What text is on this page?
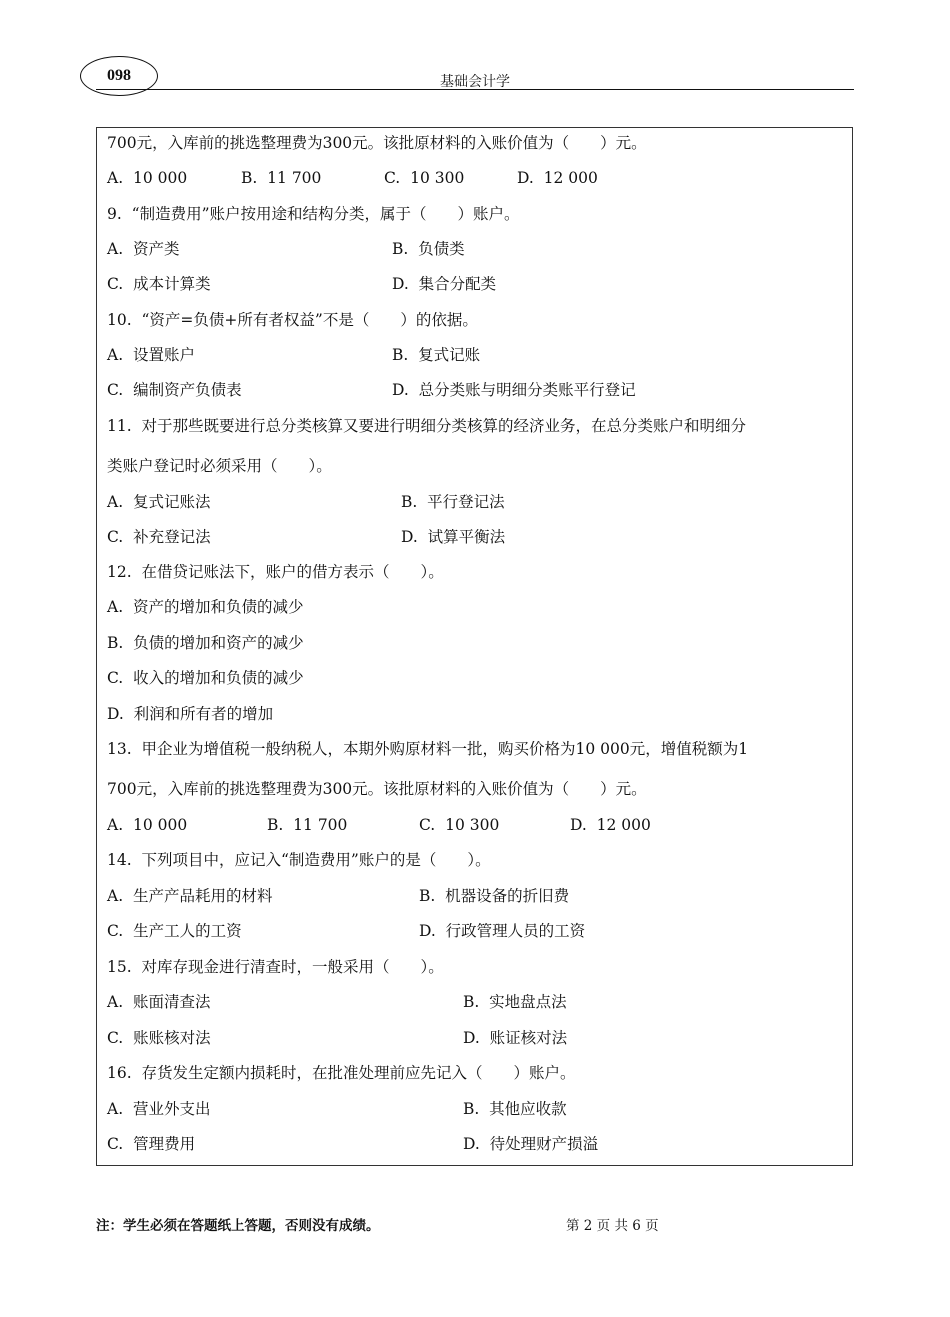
098	基础会计学
700元，入库前的挑选整理费为300元。该批原材料的入账价值为（　　）元。
A.  10 000	B.  11 700	C.  10 300	D.  12 000
9.  “制造费用”账户按用途和结构分类，属于（　　）账户。
A.  资产类	B.  负债类
C.  成本计算类	D.  集合分配类
10.  “资产=负债+所有者权益”不是（　　）的依据。
A.  设置账户	B.  复式记账
C.  编制资产负债表	D.  总分类账与明细分类账平行登记
11.  对于那些既要进行总分类核算又要进行明细分类核算的经济业务，在总分类账户和明细分
类账户登记时必须采用（　　）。
A.  复式记账法	B.  平行登记法
C.  补充登记法	D.  试算平衡法
12.  在借贷记账法下，账户的借方表示（　　）。
A.  资产的增加和负债的减少
B.  负债的增加和资产的减少
C.  收入的增加和负债的减少
D.  利润和所有者的增加
13.  甲企业为增值税一般纳税人，本期外购原材料一批，购买价格为10 000元，增值税额为1
700元，入库前的挑选整理费为300元。该批原材料的入账价值为（　　）元。
A.  10 000	B.  11 700	C.  10 300	D.  12 000
14.  下列项目中，应记入“制造费用”账户的是（　　）。
A.  生产产品耗用的材料	B.  机器设备的折旧费
C.  生产工人的工资	D.  行政管理人员的工资
15.  对库存现金进行清查时，一般采用（　　）。
A.  账面清查法	B.  实地盘点法
C.  账账核对法	D.  账证核对法
16.  存货发生定额内损耗时，在批准处理前应先记入（　　）账户。
A.  营业外支出	B.  其他应收款
C.  管理费用	D.  待处理财产损溢
注：学生必须在答题纸上答题，否则没有成绩。	第 2 页 共 6 页
